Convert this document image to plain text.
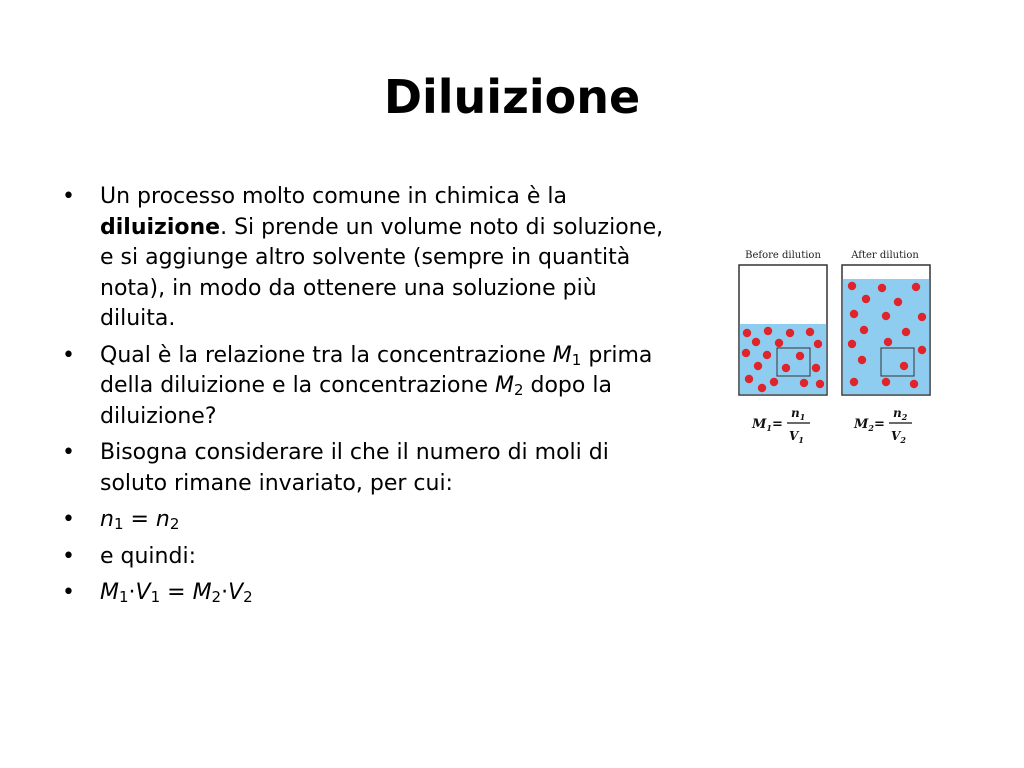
Diluizione
•	Un processo molto comune in chimica è la diluizione. Si prende un volume noto di soluzione, e si aggiunge altro solvente (sempre in quantità nota), in modo da ottenere una soluzione più diluita.
•	Qual è la relazione tra la concentrazione $M_1$ prima della diluizione e la concentrazione $M_2$ dopo la diluizione?
•	Bisogna considerare il che il numero di moli di soluto rimane invariato, per cui:
•	$n_1 = n_2$
•	e quindi:
•	$M_1\cdot V_1 = M_2\cdot V_2$
Before dilution	After dilution
$M_1=$
$n_1$
$V_1$
$M_2=$
$n_2$
$V_2$
